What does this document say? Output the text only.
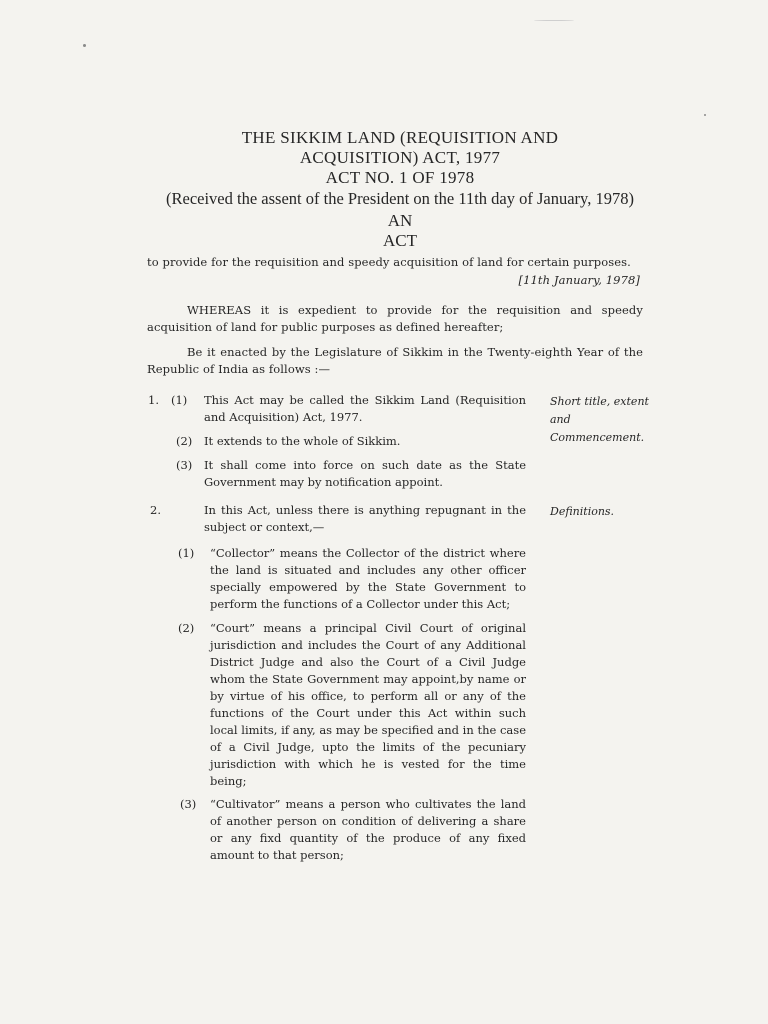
THE SIKKIM LAND (REQUISITION AND
ACQUISITION) ACT, 1977
ACT NO. 1 OF 1978
(Received the assent of the President on the 11th day of January, 1978)
AN
ACT
to provide for the requisition and speedy acquisition of land for certain purposes.
[11th January, 1978]
WHEREAS it is expedient to provide for the requisition and speedy acquisition of land for public purposes as defined hereafter;
Be it enacted by the Legislature of Sikkim in the Twenty-eighth Year of the Republic of India as follows :—
1. (1) This Act may be called the Sikkim Land (Requisition and Acquisition) Act, 1977.
(2) It extends to the whole of Sikkim.
(3) It shall come into force on such date as the State Government may by notification appoint.
Short title, extent and Commencement.
2.	In this Act, unless there is anything repugnant in the subject or context,—
Definitions.
(1) “Collector” means the Collector of the district where the land is situated and includes any other officer specially empowered by the State Government to perform the functions of a Collector under this Act;
(2) “Court” means a principal Civil Court of original jurisdiction and includes the Court of any Additional District Judge and also the Court of a Civil Judge whom the State Government may appoint,by name or by virtue of his office, to perform all or any of the functions of the Court under this Act within such local limits, if any, as may be specified and in the case of a Civil Judge, upto the limits of the pecuniary jurisdiction with which he is vested for the time being;
(3) “Cultivator” means a person who cultivates the land of another person on condition of delivering a share or any fixd quantity of the produce of any fixed amount to that person;
